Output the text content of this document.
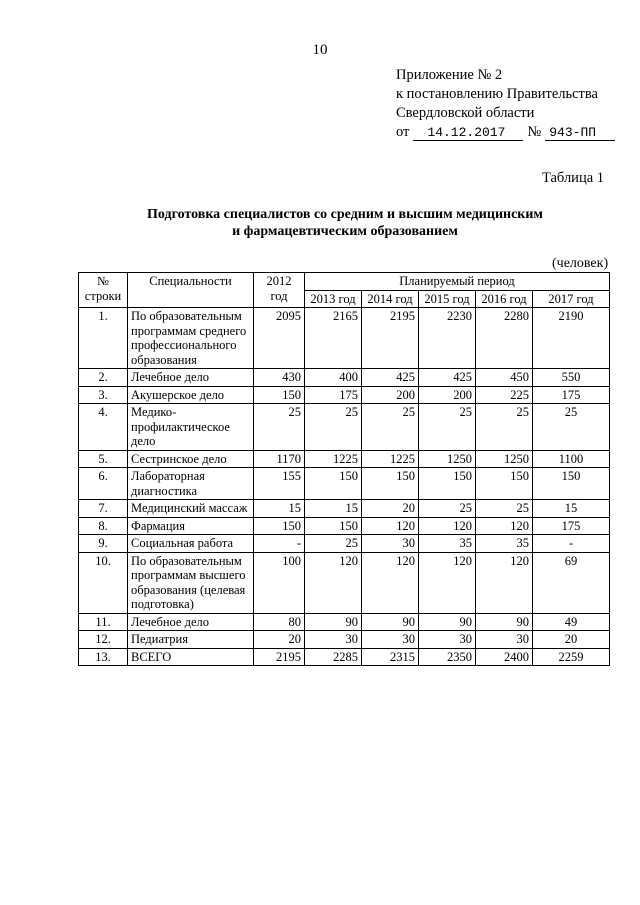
10
Приложение № 2
к постановлению Правительства
Свердловской области
от	14.12.2017	№ 943-ПП
Таблица 1
Подготовка специалистов со средним и высшим медицинским
и фармацевтическим образованием
(человек)
№ строки	Специальности	2012 год	Планируемый период				
			2013 год	2014 год	2015 год	2016 год	2017 год
1.	По образовательным программам среднего профессионального образования	2095	2165	2195	2230	2280	2190
2.	Лечебное дело	430	400	425	425	450	550
3.	Акушерское дело	150	175	200	200	225	175
4.	Медико-профилактическое дело	25	25	25	25	25	25
5.	Сестринское дело	1170	1225	1225	1250	1250	1100
6.	Лабораторная диагностика	155	150	150	150	150	150
7.	Медицинский массаж	15	15	20	25	25	15
8.	Фармация	150	150	120	120	120	175
9.	Социальная работа	-	25	30	35	35	-
10.	По образовательным программам высшего образования (целевая подготовка)	100	120	120	120	120	69
11.	Лечебное дело	80	90	90	90	90	49
12.	Педиатрия	20	30	30	30	30	20
13.	ВСЕГО	2195	2285	2315	2350	2400	2259
